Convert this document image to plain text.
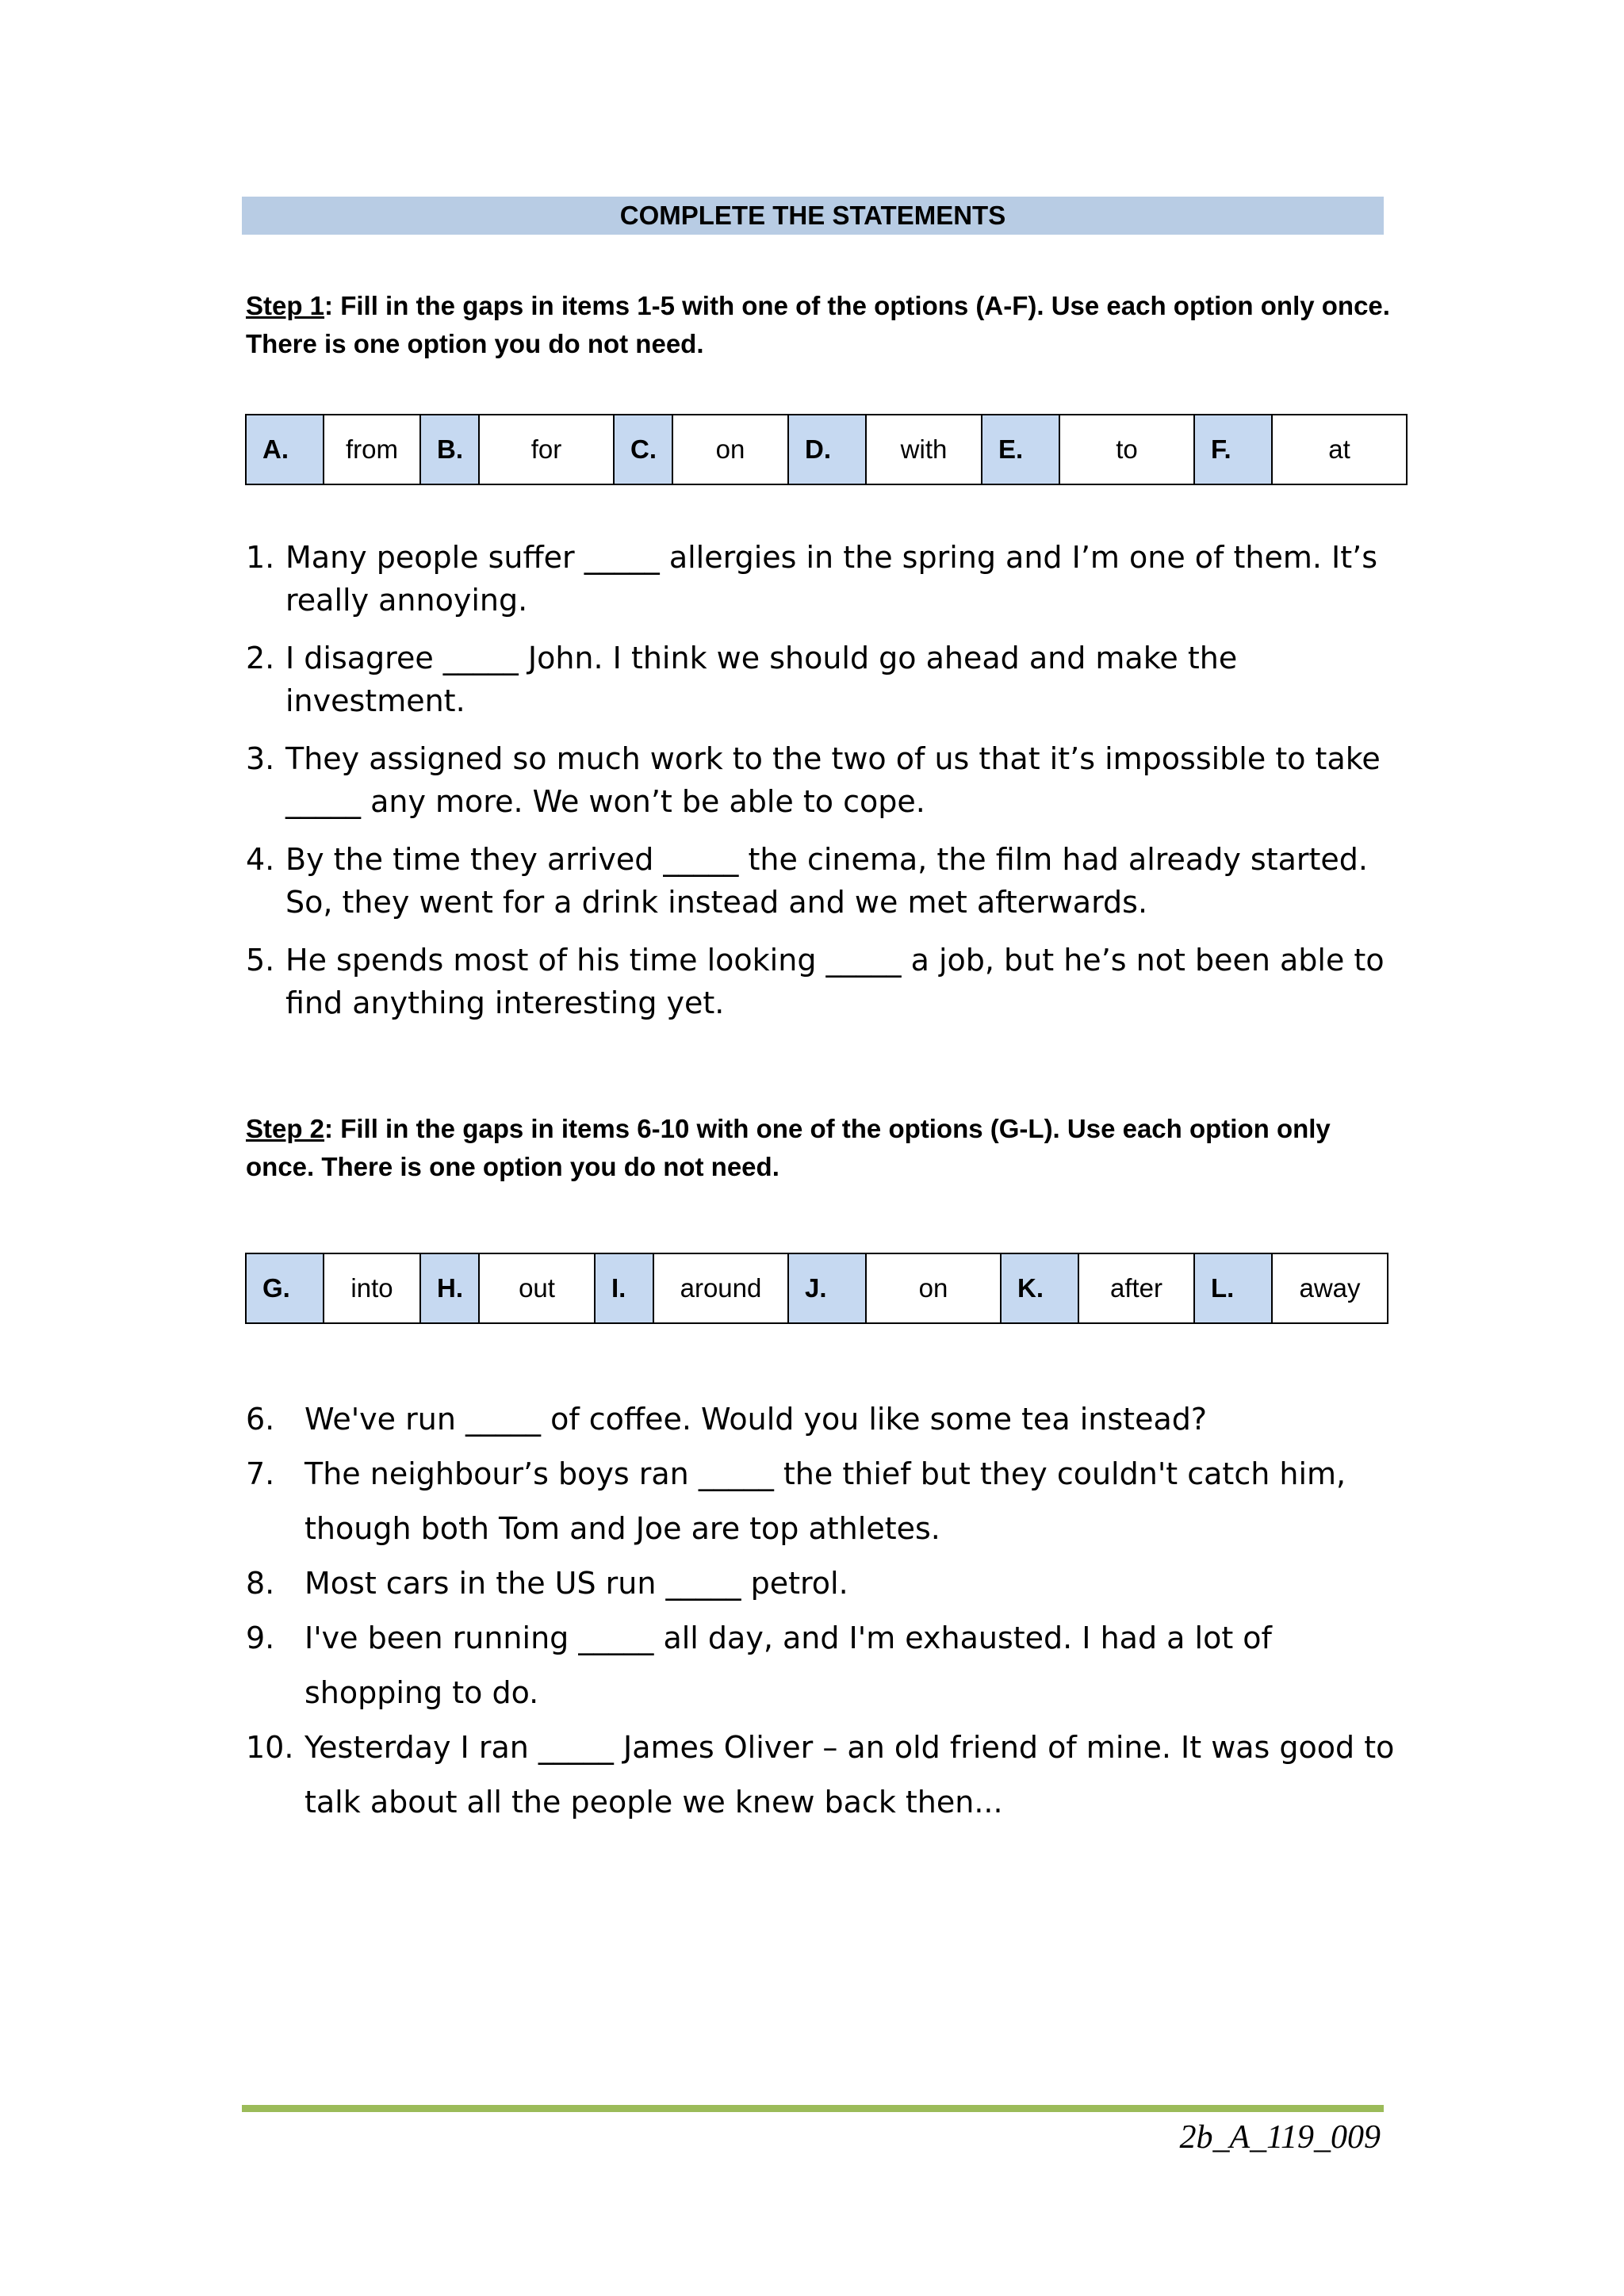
COMPLETE THE STATEMENTS
Step 1: Fill in the gaps in items 1-5 with one of the options (A-F). Use each option only once. There is one option you do not need.
A.	from	B.	for	C.	on	D.	with	E.	to	F.	at
1. Many people suffer _____ allergies in the spring and I’m one of them. It’s really annoying.
2. I disagree _____ John. I think we should go ahead and make the investment.
3. They assigned so much work to the two of us that it’s impossible to take _____ any more. We won’t be able to cope.
4. By the time they arrived _____ the cinema, the film had already started. So, they went for a drink instead and we met afterwards.
5. He spends most of his time looking _____ a job, but he’s not been able to find anything interesting yet.
Step 2: Fill in the gaps in items 6-10 with one of the options (G-L). Use each option only once. There is one option you do not need.
G.	into	H.	out	I.	around	J.	on	K.	after	L.	away
6. We've run _____ of coffee. Would you like some tea instead?
7. The neighbour’s boys ran _____ the thief but they couldn't catch him, though both Tom and Joe are top athletes.
8. Most cars in the US run _____ petrol.
9. I've been running _____ all day, and I'm exhausted. I had a lot of shopping to do.
10. Yesterday I ran _____ James Oliver – an old friend of mine. It was good to talk about all the people we knew back then...
2b_A_119_009
